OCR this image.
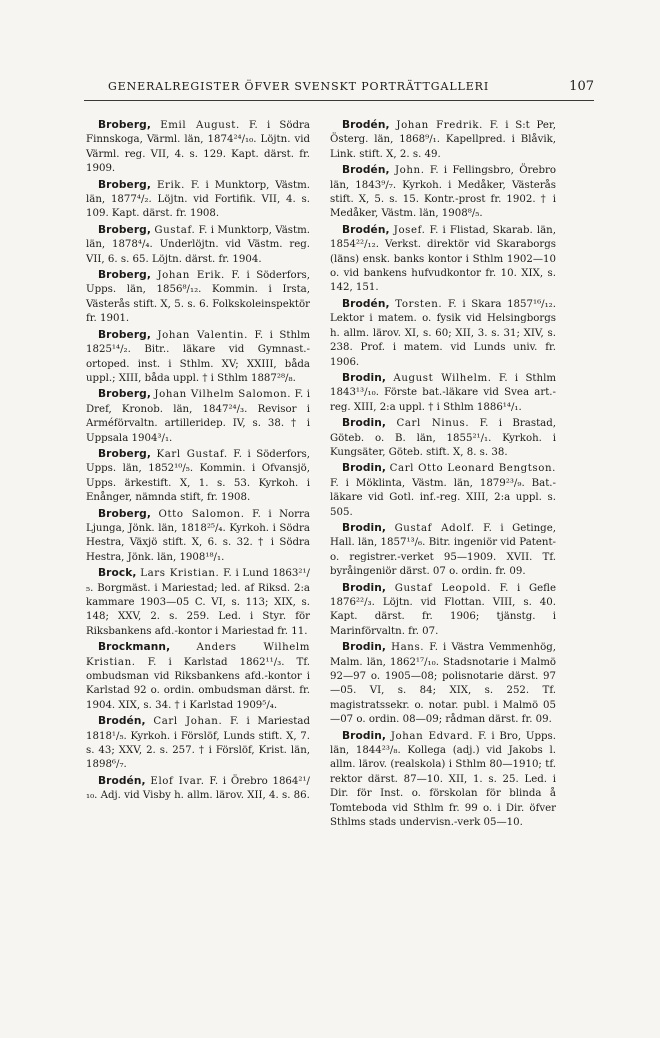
GENERALREGISTER ÖFVER SVENSKT PORTRÄTTGALLERI	107

Broberg, Emil August. F. i Södra Finnskoga, Värml. län, 1874²⁴/₁₀. Löjtn. vid Värml. reg. VII, 4. s. 129. Kapt. därst. fr. 1909.

Broberg, Erik. F. i Munktorp, Västm. län, 1877⁴/₂. Löjtn. vid Fortifik. VII, 4. s. 109. Kapt. därst. fr. 1908.

Broberg, Gustaf. F. i Munktorp, Västm. län, 1878⁴/₄. Underlöjtn. vid Västm. reg. VII, 6. s. 65. Löjtn. därst. fr. 1904.

Broberg, Johan Erik. F. i Söderfors, Upps. län, 1856⁸/₁₂. Kommin. i Irsta, Västerås stift. X, 5. s. 6. Folkskoleinspektör fr. 1901.

Broberg, Johan Valentin. F. i Sthlm 1825¹⁴/₂. Bitr.. läkare vid Gymnast.-ortoped. inst. i Sthlm. XV; XXIII, båda uppl.; XIII, båda uppl. † i Sthlm 1887²⁸/₈.

Broberg, Johan Vilhelm Salomon. F. i Dref, Kronob. län, 1847²⁴/₃. Revisor i Arméförvaltn. artilleridep. IV, s. 38. † i Uppsala 1904³/₁.

Broberg, Karl Gustaf. F. i Söderfors, Upps. län, 1852¹⁰/₅. Kommin. i Ofvansjö, Upps. ärkestift. X, 1. s. 53. Kyrkoh. i Enånger, nämnda stift, fr. 1908.

Broberg, Otto Salomon. F. i Norra Ljunga, Jönk. län, 1818²⁵/₄. Kyrkoh. i Södra Hestra, Växjö stift. X, 6. s. 32. † i Södra Hestra, Jönk. län, 1908¹⁸/₁.

Brock, Lars Kristian. F. i Lund 1863²¹/₅. Borgmäst. i Mariestad; led. af Riksd. 2:a kammare 1903—05 C. VI, s. 113; XIX, s. 148; XXV, 2. s. 259. Led. i Styr. för Riksbankens afd.-kontor i Mariestad fr. 11.

Brockmann,	Anders Wilhelm Kristian. F. i Karlstad 1862¹¹/₃. Tf. ombudsman vid Riksbankens afd.-kontor i Karlstad 92 o. ordin. ombudsman därst. fr. 1904. XIX, s. 34. † i Karlstad 1909⁵/₄.

Brodén, Carl Johan. F. i Mariestad 1818¹/₅. Kyrkoh. i Förslöf, Lunds stift. X, 7. s. 43; XXV, 2. s. 257. † i Förslöf, Krist. län, 1898⁶/₇.

Brodén, Elof Ivar. F. i Örebro 1864²¹/₁₀. Adj. vid Visby h. allm. lärov. XII, 4. s. 86.

Brodén, Johan Fredrik. F. i S:t Per, Österg. län, 1868⁹/₁. Kapellpred. i Blåvik, Link. stift. X, 2. s. 49.

Brodén, John. F. i Fellingsbro, Örebro län, 1843⁹/₇. Kyrkoh. i Medåker, Västerås stift. X, 5. s. 15. Kontr.-prost fr. 1902. † i Medåker, Västm. län, 1908⁸/₅.

Brodén, Josef. F. i Flistad, Skarab. län, 1854²²/₁₂. Verkst. direktör vid Skaraborgs (läns) ensk. banks kontor i Sthlm 1902—10 o. vid bankens hufvudkontor fr. 10. XIX, s. 142, 151.

Brodén, Torsten. F. i Skara 1857¹⁶/₁₂. Lektor i matem. o. fysik vid Helsingborgs h. allm. lärov. XI, s. 60; XII, 3. s. 31; XIV, s. 238. Prof. i matem. vid Lunds univ. fr. 1906.

Brodin, August Wilhelm. F. i Sthlm 1843¹³/₁₀. Förste bat.-läkare vid Svea art.-reg. XIII, 2:a uppl. † i Sthlm 1886¹⁴/₁.

Brodin, Carl Ninus. F. i Brastad, Göteb. o. B. län, 1855²¹/₁. Kyrkoh. i Kungsäter, Göteb. stift. X, 8. s. 38.

Brodin, Carl Otto Leonard Bengtson. F. i Möklinta, Västm. län, 1879²³/₉. Bat.-läkare vid Gotl. inf.-reg. XIII, 2:a uppl. s. 505.

Brodin, Gustaf Adolf. F. i Getinge, Hall. län, 1857¹³/₆. Bitr. ingeniör vid Patent- o. registrer.-verket 95—1909. XVII. Tf. byråingeniör därst. 07 o. ordin. fr. 09.

Brodin, Gustaf Leopold. F. i Gefle 1876²²/₃. Löjtn. vid Flottan. VIII, s. 40. Kapt. därst. fr. 1906; tjänstg. i Marinförvaltn. fr. 07.

Brodin, Hans. F. i Västra Vemmenhög, Malm. län, 1862¹⁷/₁₀. Stadsnotarie i Malmö 92—97 o. 1905—08; polisnotarie därst. 97—05. VI, s. 84; XIX, s. 252. Tf. magistratssekr. o. notar. publ. i Malmö 05—07 o. ordin. 08—09; rådman därst. fr. 09.

Brodin, Johan Edvard. F. i Bro, Upps. län, 1844²³/₈. Kollega (adj.) vid Jakobs l. allm. lärov. (realskola) i Sthlm 80—1910; tf. rektor därst. 87—10. XII, 1. s. 25. Led. i Dir. för Inst. o. förskolan för blinda å Tomteboda vid Sthlm fr. 99 o. i Dir. öfver Sthlms stads undervisn.-verk 05—10.
